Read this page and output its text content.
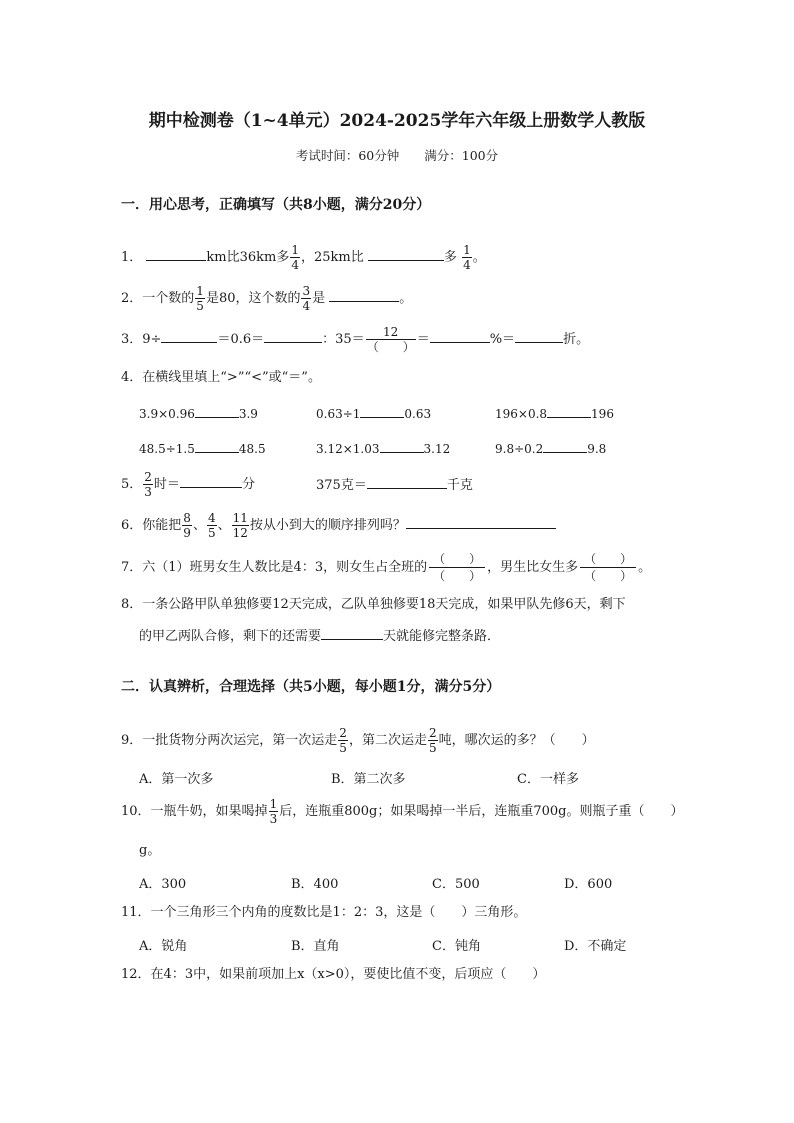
期中检测卷（1~4单元）2024-2025学年六年级上册数学人教版
考试时间：60分钟　　满分：100分
一．用心思考，正确填写（共8小题，满分20分）
1．	km比36km多 $\frac{1}{4}$ ，25km比	多 $\frac{1}{4}$ 。
2．一个数的 $\frac{1}{5}$ 是80，这个数的 $\frac{3}{4}$ 是	。
3．9÷	＝0.6＝	：$35= \frac{12}{( )}$ ＝	%＝	折。
4．在横线里填上“>”“<”或“＝”。
3.9×0.96	3.9	0.63÷1	0.63	196×0.8	196
48.5÷1.5	48.5	3.12×1.03	3.12	9.8÷0.2	9.8
5． $\frac{2}{3}$ 时＝	分	375克＝	千克
6．你能把 $\frac{8}{9}$ 、 $\frac{4}{5}$ 、 $\frac{11}{12}$ 按从小到大的顺序排列吗？
7．六（1）班男女生人数比是4：3，则女生占全班的
（　　）
（　　）
，男生比女生多
（　　）
（　　）
。
8．一条公路甲队单独修要12天完成，乙队单独修要18天完成，如果甲队先修6天，剩下
的甲乙两队合修，剩下的还需要	天就能修完整条路．
二．认真辨析，合理选择（共5小题，每小题1分，满分5分）
9．一批货物分两次运完，第一次运走 $\frac{2}{5}$ ，第二次运走 $\frac{2}{5}$ 吨，哪次运的多？（　　）
A．第一次多	B．第二次多	C．一样多
10．一瓶牛奶，如果喝掉 $\frac{1}{3}$ 后，连瓶重800g；如果喝掉一半后，连瓶重700g。则瓶子重（　　）
g。
A．300	B．400	C．500	D．600
11．一个三角形三个内角的度数比是1：2：3，这是（　　）三角形。
A．锐角	B．直角	C．钝角	D．不确定
12．在4：3中，如果前项加上x（x>0），要使比值不变，后项应（　　）
